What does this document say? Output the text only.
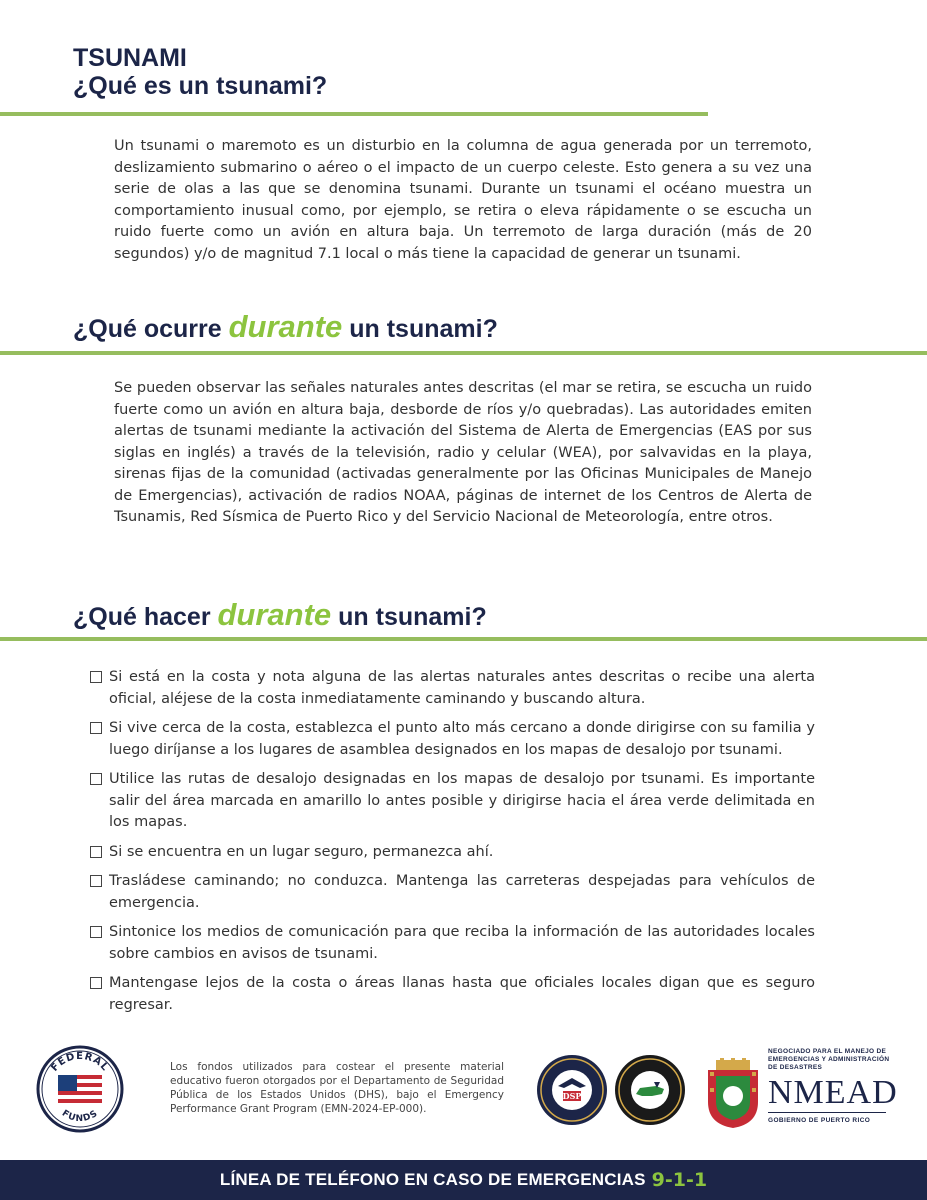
TSUNAMI
¿Qué es un tsunami?

Un tsunami o maremoto es un disturbio en la columna de agua generada por un terremoto, deslizamiento submarino o aéreo o el impacto de un cuerpo celeste. Esto genera a su vez una serie de olas a las que se denomina tsunami. Durante un tsunami el océano muestra un comportamiento inusual como, por ejemplo, se retira o eleva rápidamente o se escucha un ruido fuerte como un avión en altura baja. Un terremoto de larga duración (más de 20 segundos) y/o de magnitud 7.1 local o más tiene la capacidad de generar un tsunami.

¿Qué ocurre durante un tsunami?

Se pueden observar las señales naturales antes descritas (el mar se retira, se escucha un ruido fuerte como un avión en altura baja, desborde de ríos y/o quebradas). Las autoridades emiten alertas de tsunami mediante la activación del Sistema de Alerta de Emergencias (EAS por sus siglas en inglés) a través de la televisión, radio y celular (WEA), por salvavidas en la playa, sirenas fijas de la comunidad (activadas generalmente por las Oficinas Municipales de Manejo de Emergencias), activación de radios NOAA, páginas de internet de los Centros de Alerta de Tsunamis, Red Sísmica de Puerto Rico y del Servicio Nacional de Meteorología, entre otros.

¿Qué hacer durante un tsunami?
Si está en la costa y nota alguna de las alertas naturales antes descritas o recibe una alerta oficial, aléjese de la costa inmediatamente caminando y buscando altura.
Si vive cerca de la costa, establezca el punto alto más cercano a donde dirigirse con su familia y luego diríjanse a los lugares de asamblea designados en los mapas de desalojo por tsunami.
Utilice las rutas de desalojo designadas en los mapas de desalojo por tsunami. Es importante salir del área marcada en amarillo lo antes posible y dirigirse hacia el área verde delimitada en los mapas.
Si se encuentra en un lugar seguro, permanezca ahí.
Trasládese caminando; no conduzca. Mantenga las carreteras despejadas para vehículos de emergencia.
Sintonice los medios de comunicación para que reciba la información de las autoridades locales sobre cambios en avisos de tsunami.
Mantengase lejos de la costa o áreas llanas hasta que oficiales locales digan que es seguro regresar.
FEDERAL
FUNDS

Los fondos utilizados para costear el presente material educativo fueron otorgados por el Departamento de Seguridad Pública de los Estados Unidos (DHS), bajo el Emergency Performance Grant Program (EMN-2024-EP-000).

DSP

NEGOCIADO PARA EL MANEJO DE EMERGENCIAS Y ADMINISTRACIÓN DE DESASTRES

NMEAD
GOBIERNO DE PUERTO RICO
LÍNEA DE TELÉFONO EN CASO DE EMERGENCIAS 9-1-1
